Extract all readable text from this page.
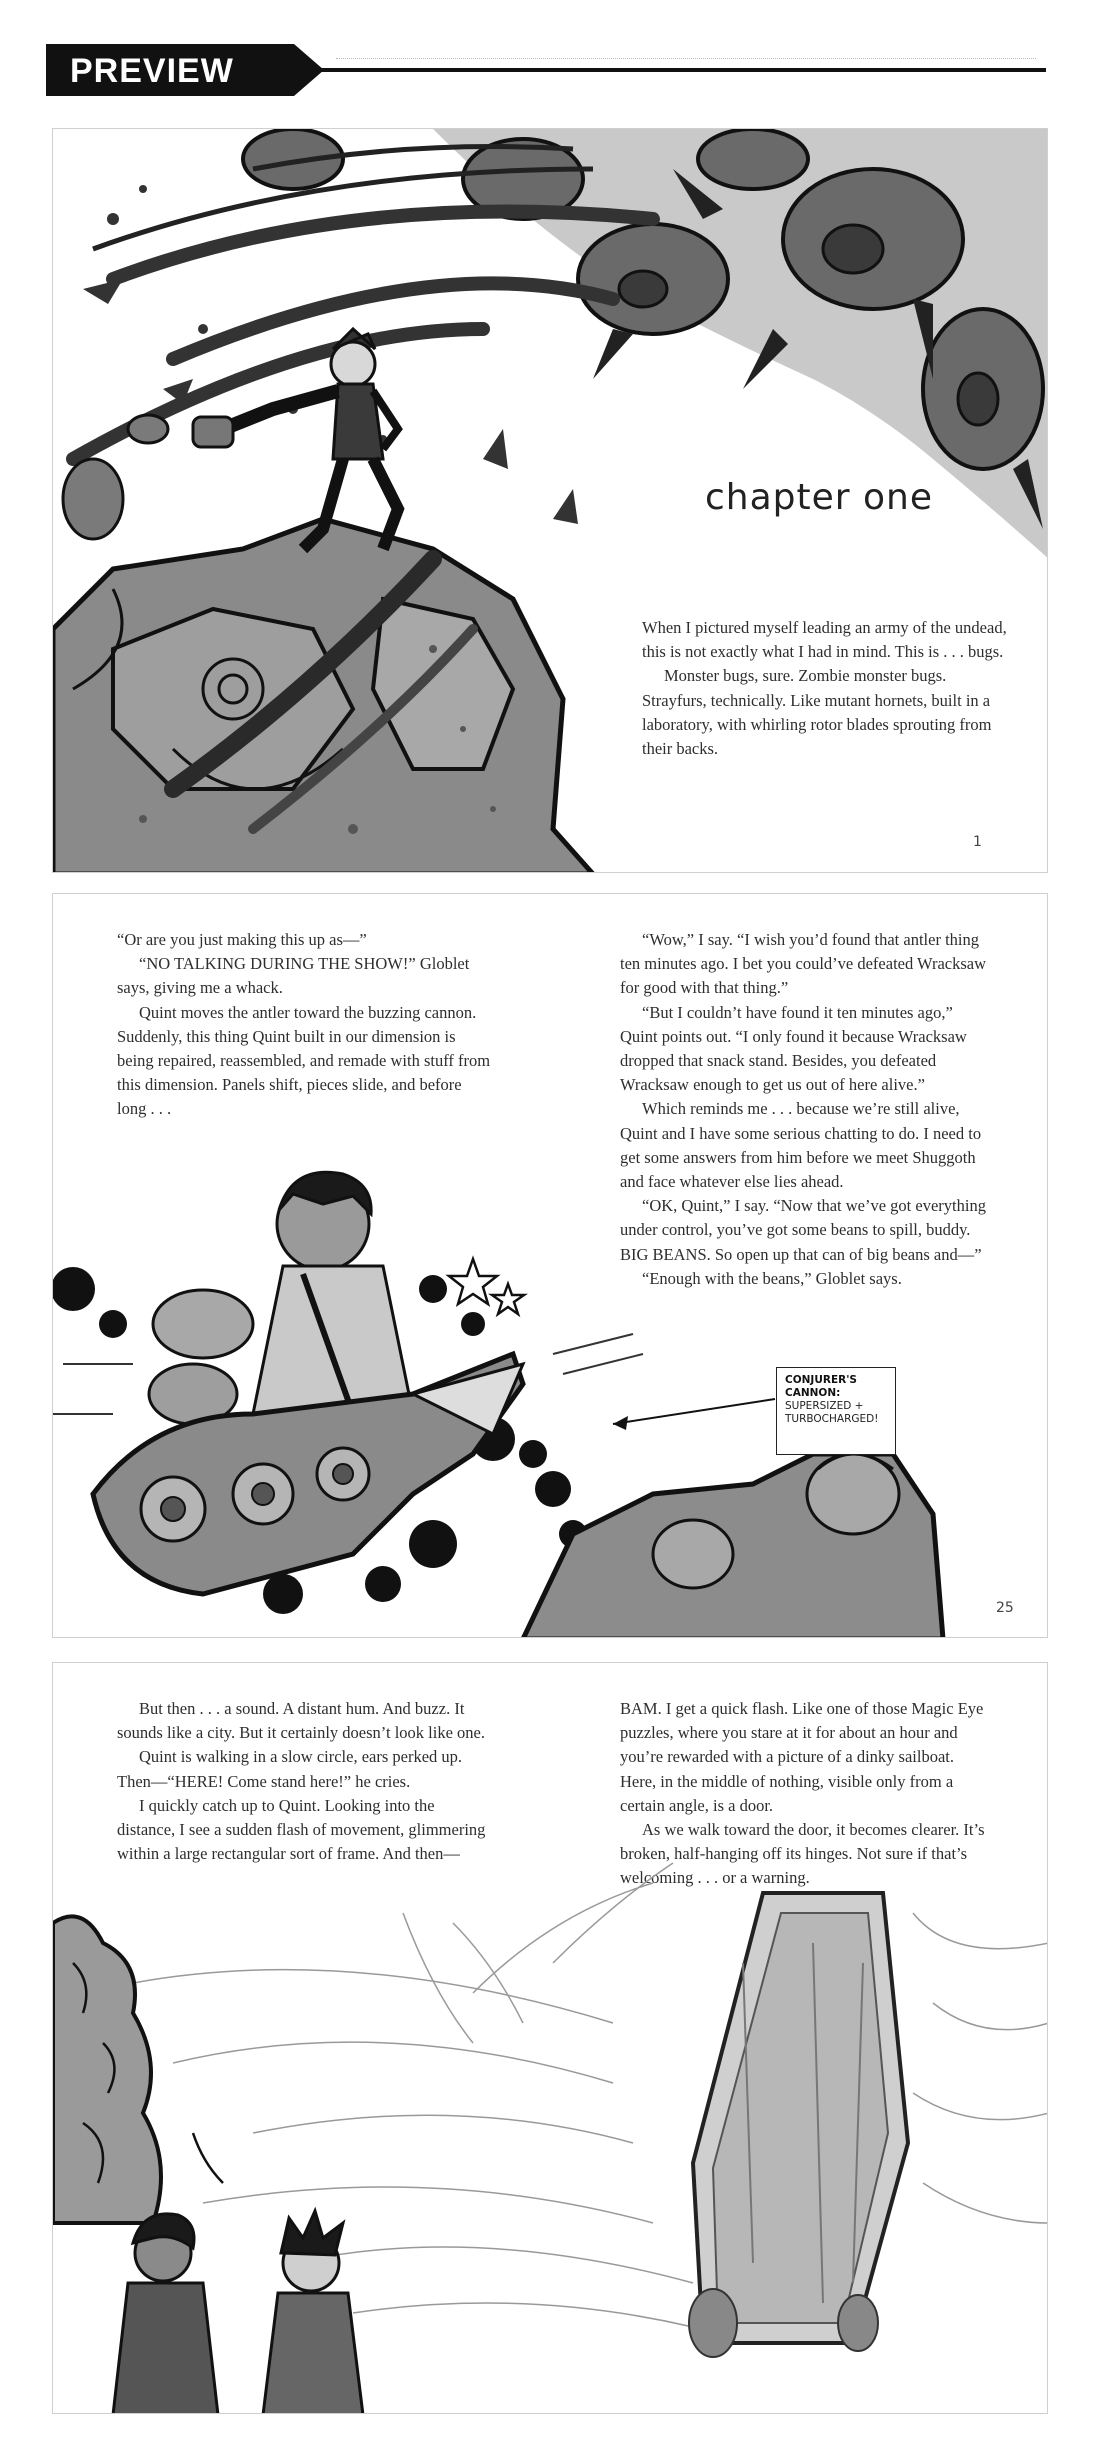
PREVIEW
chapter one

When I pictured myself leading an army of the undead, this is not exactly what I had in mind. This is . . . bugs.

Monster bugs, sure. Zombie monster bugs. Strayfurs, technically. Like mutant hornets, built in a laboratory, with whirling rotor blades sprouting from their backs.

1

“Or are you just making this up as—”

“NO TALKING DURING THE SHOW!” Globlet says, giving me a whack.

Quint moves the antler toward the buzzing cannon. Suddenly, this thing Quint built in our dimension is being repaired, reassembled, and remade with stuff from this dimension. Panels shift, pieces slide, and before long . . .

“Wow,” I say. “I wish you’d found that antler thing ten minutes ago. I bet you could’ve defeated Wracksaw for good with that thing.”

“But I couldn’t have found it ten minutes ago,” Quint points out. “I only found it because Wracksaw dropped that snack stand. Besides, you defeated Wracksaw enough to get us out of here alive.”

Which reminds me . . . because we’re still alive, Quint and I have some serious chatting to do. I need to get some answers from him before we meet Shuggoth and face whatever else lies ahead.

“OK, Quint,” I say. “Now that we’ve got everything under control, you’ve got some beans to spill, buddy. BIG BEANS. So open up that can of big beans and—”

“Enough with the beans,” Globlet says.

CONJURER'S CANNON:
SUPERSIZED + TURBOCHARGED!
25

But then . . . a sound. A distant hum. And buzz. It sounds like a city. But it certainly doesn’t look like one.

Quint is walking in a slow circle, ears perked up. Then—“HERE! Come stand here!” he cries.

I quickly catch up to Quint. Looking into the distance, I see a sudden flash of movement, glimmering within a large rectangular sort of frame. And then—

BAM. I get a quick flash. Like one of those Magic Eye puzzles, where you stare at it for about an hour and you’re rewarded with a picture of a dinky sailboat. Here, in the middle of nothing, visible only from a certain angle, is a door.

As we walk toward the door, it becomes clearer. It’s broken, half-hanging off its hinges. Not sure if that’s welcoming . . . or a warning.
